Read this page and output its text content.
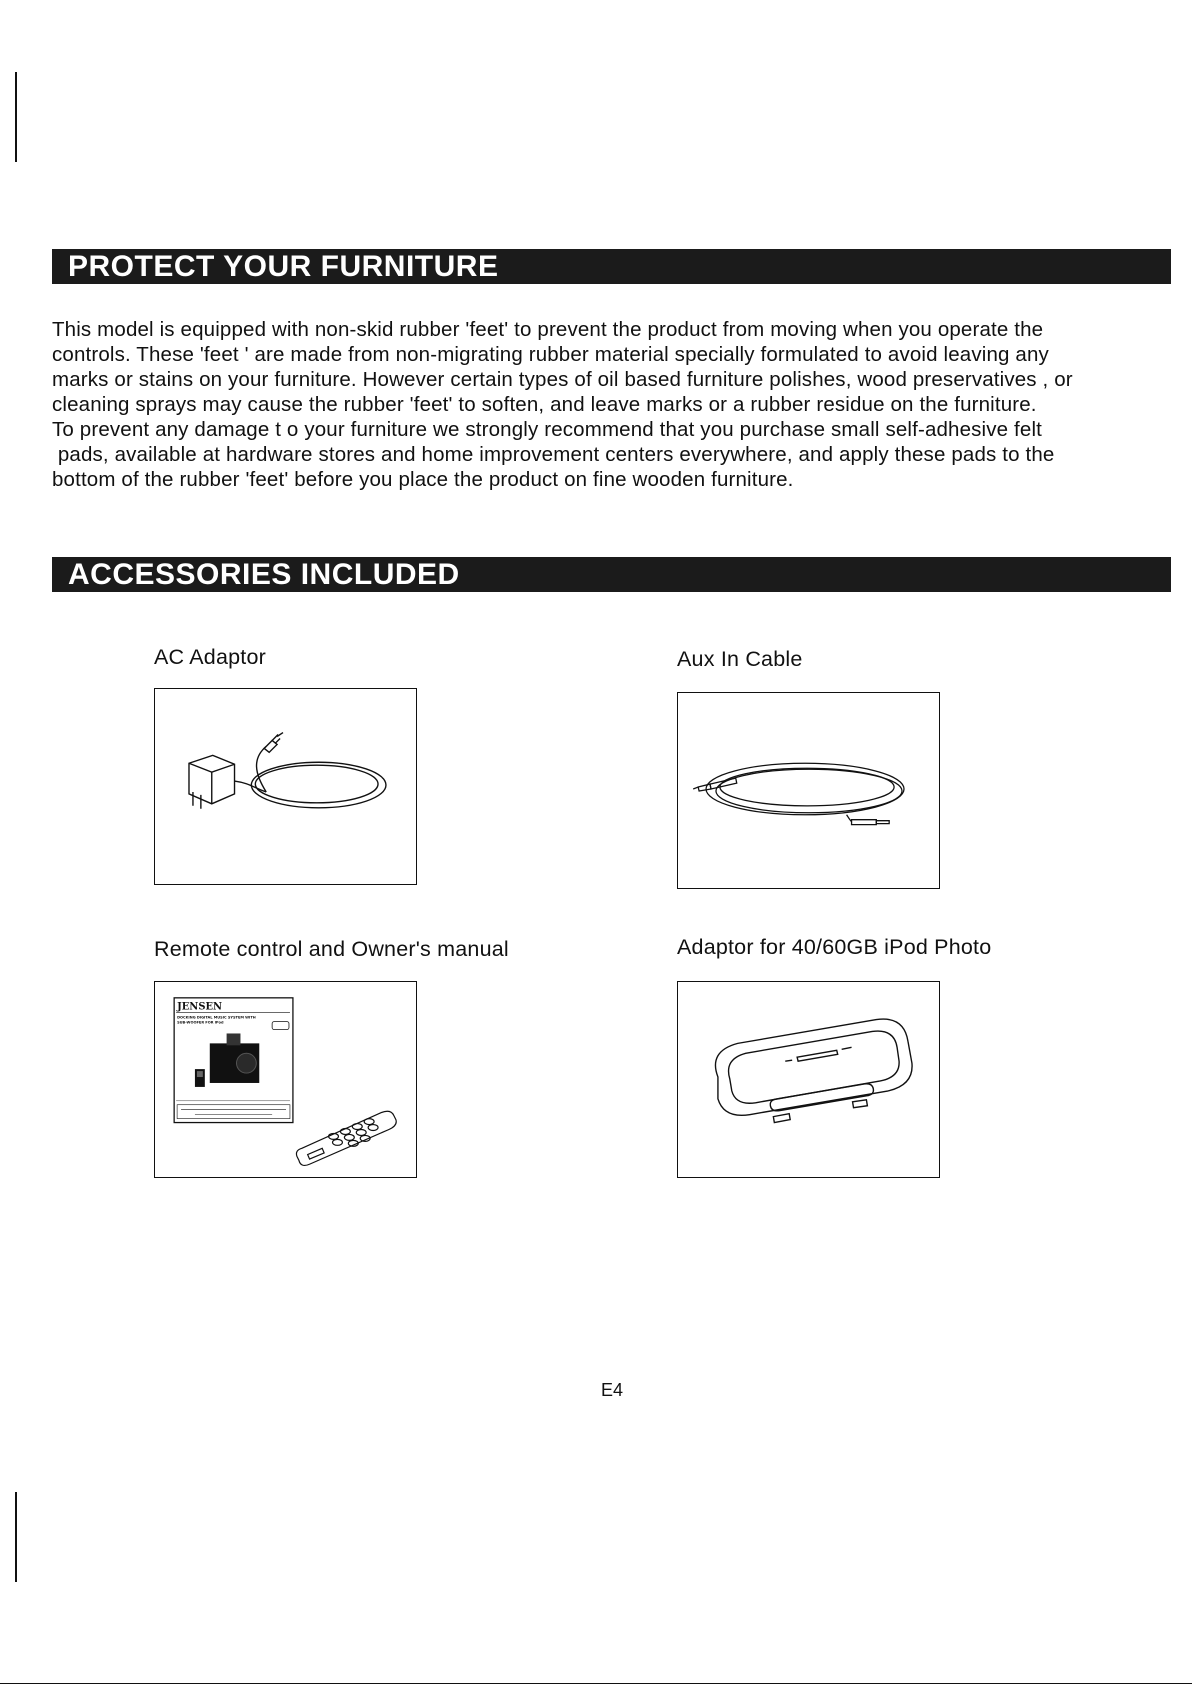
PROTECT YOUR FURNITURE
This model is equipped with non-skid rubber 'feet' to prevent the product from moving when you operate the
controls. These 'feet ' are made from non-migrating rubber material specially formulated to avoid leaving any
marks or stains on your furniture. However certain types of oil based furniture polishes, wood preservatives , or
cleaning sprays may cause the rubber 'feet' to soften, and leave marks or a rubber residue on the furniture.
To prevent any damage t o your furniture we strongly recommend that you purchase small self-adhesive felt
pads, available at hardware stores and home improvement centers everywhere, and apply these pads to the
bottom of the rubber 'feet' before you place the product on fine wooden furniture.
ACCESSORIES INCLUDED
AC Adaptor	Aux In Cable
Remote control and Owner's manual
JENSEN
DOCKING DIGITAL MUSIC SYSTEM WITH
SUB-WOOFER FOR iPod
Adaptor for 40/60GB iPod Photo
E4
